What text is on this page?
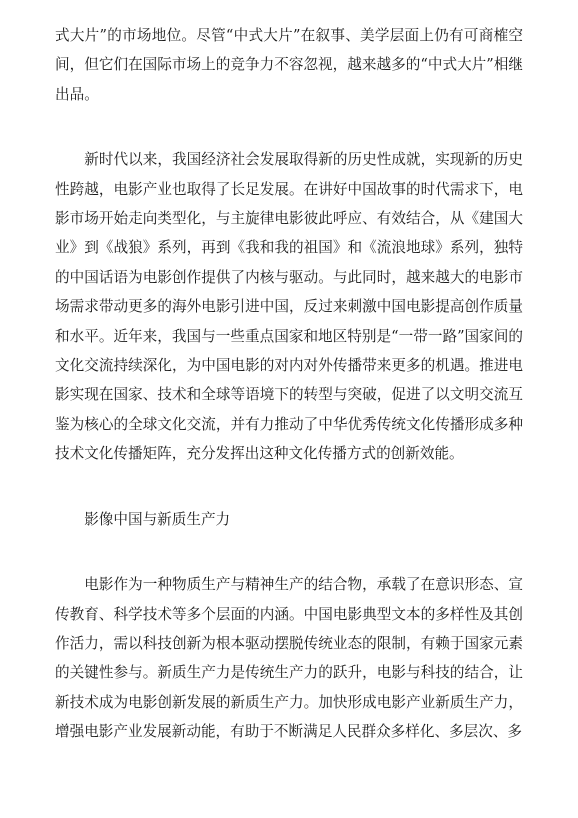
式大片”的市场地位。尽管“中式大片”在叙事、美学层面上仍有可商榷空间，但它们在国际市场上的竞争力不容忽视，越来越多的“中式大片”相继出品。

新时代以来，我国经济社会发展取得新的历史性成就，实现新的历史性跨越，电影产业也取得了长足发展。在讲好中国故事的时代需求下，电影市场开始走向类型化，与主旋律电影彼此呼应、有效结合，从《建国大业》到《战狼》系列，再到《我和我的祖国》和《流浪地球》系列，独特的中国话语为电影创作提供了内核与驱动。与此同时，越来越大的电影市场需求带动更多的海外电影引进中国，反过来刺激中国电影提高创作质量和水平。近年来，我国与一些重点国家和地区特别是“一带一路”国家间的文化交流持续深化，为中国电影的对内对外传播带来更多的机遇。推进电影实现在国家、技术和全球等语境下的转型与突破，促进了以文明交流互鉴为核心的全球文化交流，并有力推动了中华优秀传统文化传播形成多种技术文化传播矩阵，充分发挥出这种文化传播方式的创新效能。

影像中国与新质生产力

电影作为一种物质生产与精神生产的结合物，承载了在意识形态、宣传教育、科学技术等多个层面的内涵。中国电影典型文本的多样性及其创作活力，需以科技创新为根本驱动摆脱传统业态的限制，有赖于国家元素的关键性参与。新质生产力是传统生产力的跃升，电影与科技的结合，让新技术成为电影创新发展的新质生产力。加快形成电影产业新质生产力，增强电影产业发展新动能，有助于不断满足人民群众多样化、多层次、多
